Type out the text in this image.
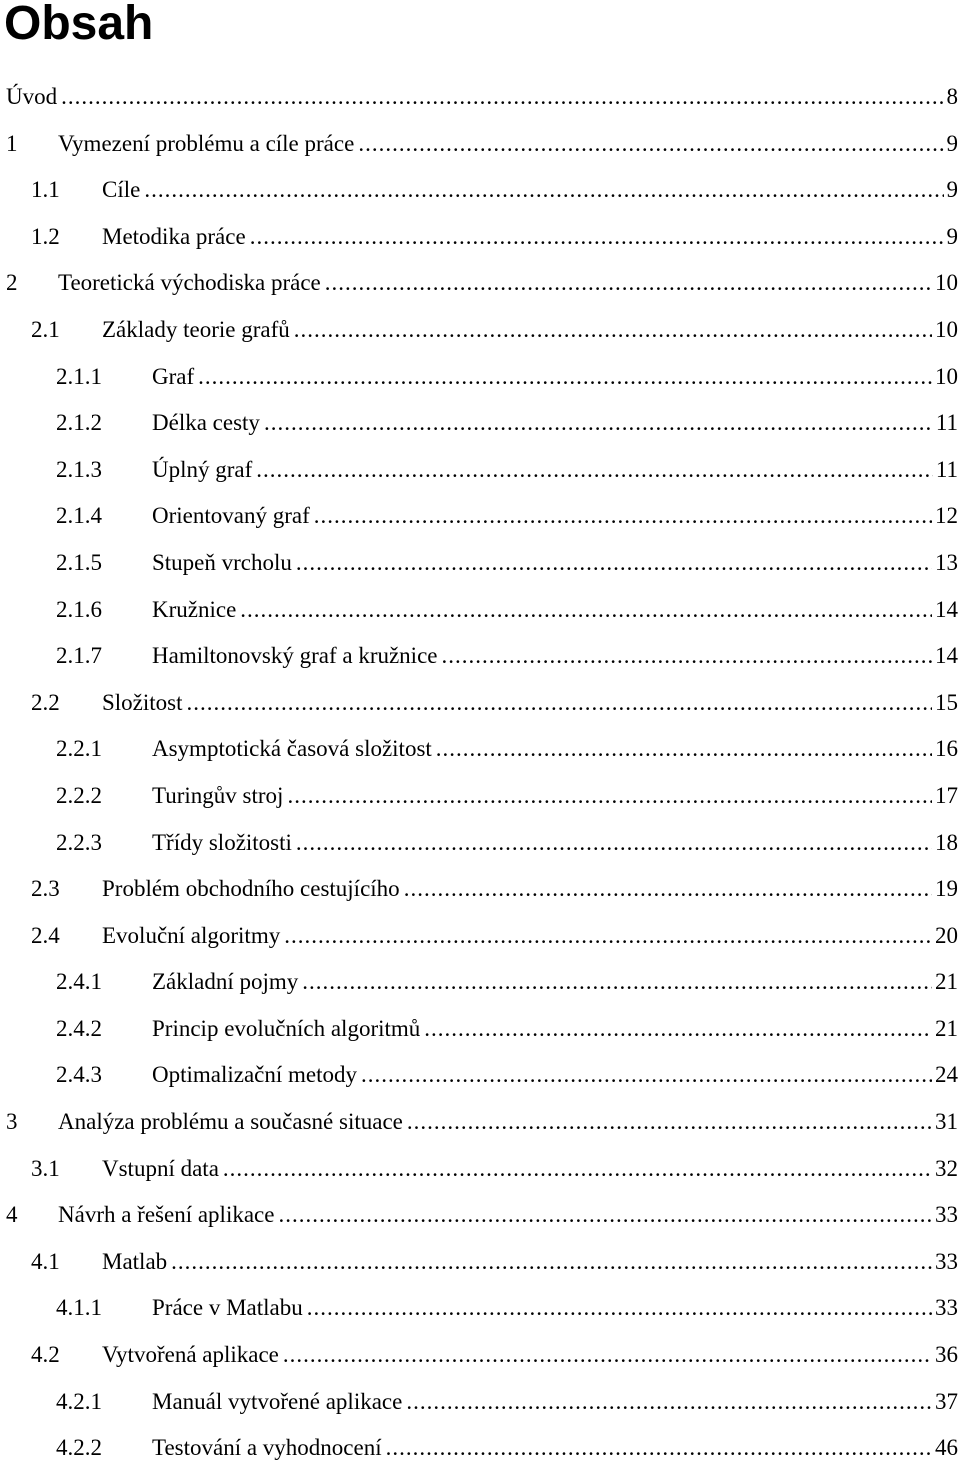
Obsah
Úvod .....	8
1	Vymezení problému a cíle práce .....	9
1.1	Cíle .....	9
1.2	Metodika práce .....	9
2	Teoretická východiska práce .....	10
2.1	Základy teorie grafů .....	10
2.1.1	Graf .....	10
2.1.2	Délka cesty .....	11
2.1.3	Úplný graf .....	11
2.1.4	Orientovaný graf .....	12
2.1.5	Stupeň vrcholu .....	13
2.1.6	Kružnice .....	14
2.1.7	Hamiltonovský graf a kružnice .....	14
2.2	Složitost .....	15
2.2.1	Asymptotická časová složitost .....	16
2.2.2	Turingův stroj .....	17
2.2.3	Třídy složitosti .....	18
2.3	Problém obchodního cestujícího .....	19
2.4	Evoluční algoritmy .....	20
2.4.1	Základní pojmy .....	21
2.4.2	Princip evolučních algoritmů .....	21
2.4.3	Optimalizační metody .....	24
3	Analýza problému a současné situace .....	31
3.1	Vstupní data .....	32
4	Návrh a řešení aplikace .....	33
4.1	Matlab .....	33
4.1.1	Práce v Matlabu .....	33
4.2	Vytvořená aplikace .....	36
4.2.1	Manuál vytvořené aplikace .....	37
4.2.2	Testování a vyhodnocení .....	46
